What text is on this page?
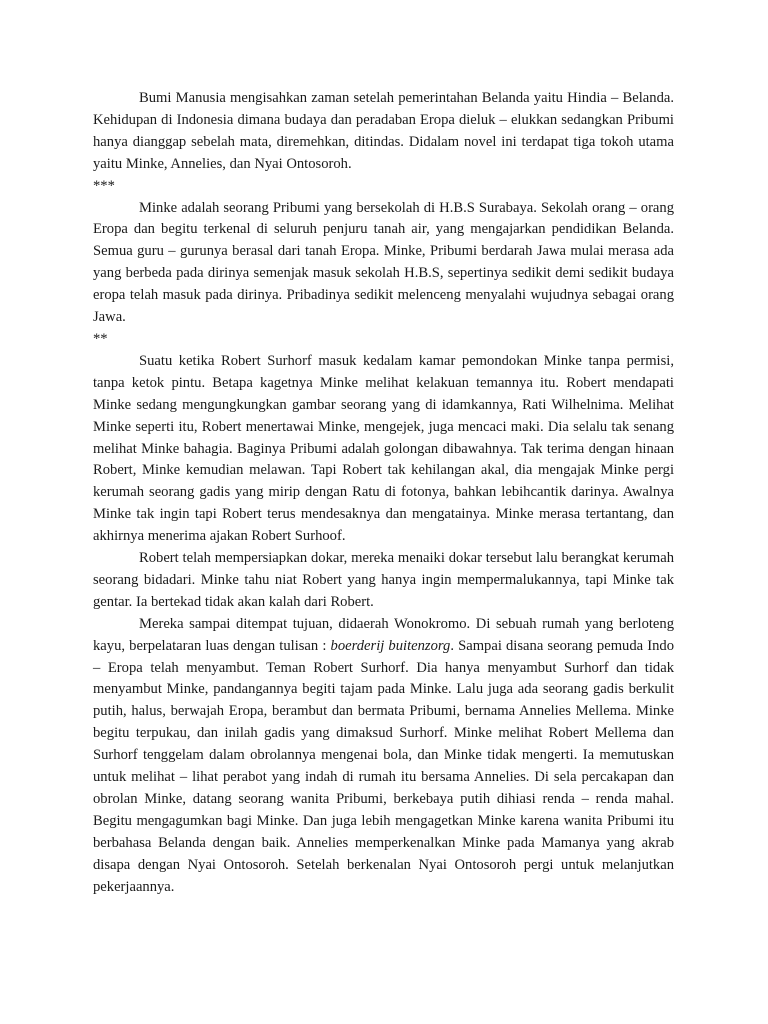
Bumi Manusia mengisahkan zaman setelah pemerintahan Belanda yaitu Hindia – Belanda. Kehidupan di Indonesia dimana budaya dan peradaban Eropa dieluk – elukkan sedangkan Pribumi hanya dianggap sebelah mata, diremehkan, ditindas. Didalam novel ini terdapat tiga tokoh utama yaitu Minke, Annelies, dan Nyai Ontosoroh.

***

Minke adalah seorang Pribumi yang bersekolah di H.B.S Surabaya. Sekolah orang – orang Eropa dan begitu terkenal di seluruh penjuru tanah air, yang mengajarkan pendidikan Belanda. Semua guru – gurunya berasal dari tanah Eropa. Minke, Pribumi berdarah Jawa mulai merasa ada yang berbeda pada dirinya semenjak masuk sekolah H.B.S, sepertinya sedikit demi sedikit budaya eropa telah masuk pada dirinya. Pribadinya sedikit melenceng menyalahi wujudnya sebagai orang Jawa.

**

Suatu ketika Robert Surhorf masuk kedalam kamar pemondokan Minke tanpa permisi, tanpa ketok pintu. Betapa kagetnya Minke melihat kelakuan temannya itu. Robert mendapati Minke sedang mengungkungkan gambar seorang yang di idamkannya, Rati Wilhelnima. Melihat Minke seperti itu, Robert menertawai Minke, mengejek, juga mencaci maki. Dia selalu tak senang melihat Minke bahagia. Baginya Pribumi adalah golongan dibawahnya. Tak terima dengan hinaan Robert, Minke kemudian melawan. Tapi Robert tak kehilangan akal, dia mengajak Minke pergi kerumah seorang gadis yang mirip dengan Ratu di fotonya, bahkan lebihcantik darinya. Awalnya Minke tak ingin tapi Robert terus mendesaknya dan mengatainya. Minke merasa tertantang, dan akhirnya menerima ajakan Robert Surhoof.

Robert telah mempersiapkan dokar, mereka menaiki dokar tersebut lalu berangkat kerumah seorang bidadari. Minke tahu niat Robert yang hanya ingin mempermalukannya, tapi Minke tak gentar. Ia bertekad tidak akan kalah dari Robert.

Mereka sampai ditempat tujuan, didaerah Wonokromo. Di sebuah rumah yang berloteng kayu, berpelataran luas dengan tulisan : boerderij buitenzorg. Sampai disana seorang pemuda Indo – Eropa telah menyambut. Teman Robert Surhorf. Dia hanya menyambut Surhorf dan tidak menyambut Minke, pandangannya begiti tajam pada Minke. Lalu juga ada seorang gadis berkulit putih, halus, berwajah Eropa, berambut dan bermata Pribumi, bernama Annelies Mellema. Minke begitu terpukau, dan inilah gadis yang dimaksud Surhorf. Minke melihat Robert Mellema dan Surhorf tenggelam dalam obrolannya mengenai bola, dan Minke tidak mengerti. Ia memutuskan untuk melihat – lihat perabot yang indah di rumah itu bersama Annelies. Di sela percakapan dan obrolan Minke, datang seorang wanita Pribumi, berkebaya putih dihiasi renda – renda mahal. Begitu mengagumkan bagi Minke. Dan juga lebih mengagetkan Minke karena wanita Pribumi itu berbahasa Belanda dengan baik. Annelies memperkenalkan Minke pada Mamanya yang akrab disapa dengan Nyai Ontosoroh. Setelah berkenalan Nyai Ontosoroh pergi untuk melanjutkan pekerjaannya.
